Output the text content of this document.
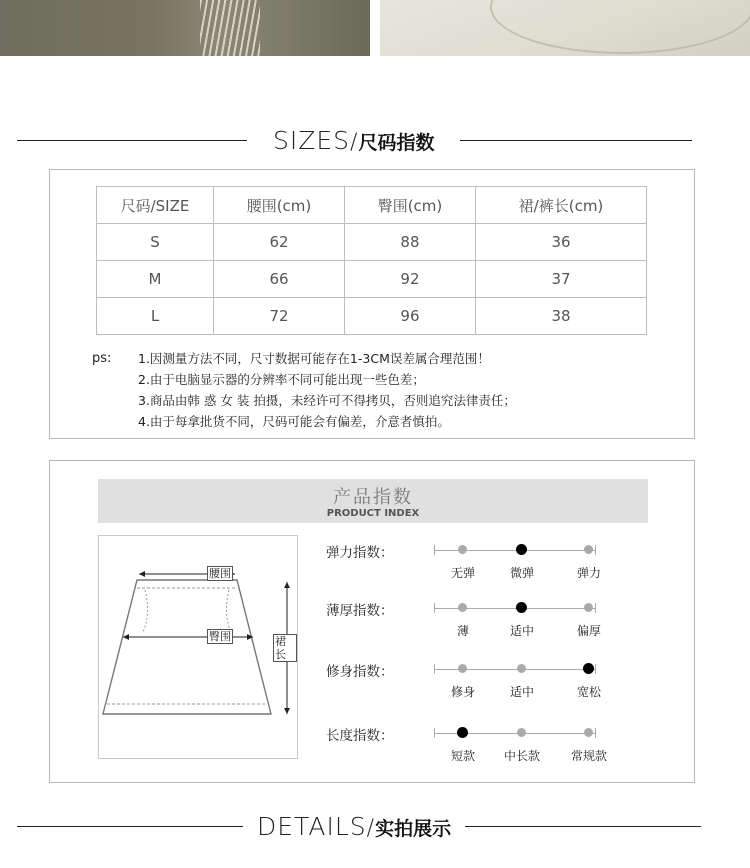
SIZES / 尺码指数
尺码/SIZE	腰围(cm)	臀围(cm)	裙/裤长(cm)
S	62	88	36
M	66	92	37
L	72	96	38
ps: 1.因测量方法不同，尺寸数据可能存在1-3CM误差属合理范围！
2.由于电脑显示器的分辨率不同可能出现一些色差；
3.商品由韩 惑 女 装 拍摄，未经许可不得拷贝，否则追究法律责任；
4.由于每拿批货不同，尺码可能会有偏差，介意者慎拍。
产品指数
PRODUCT INDEX
腰围
臀围	裙长
弹力指数：
无弹	微弹	弹力
薄厚指数：
薄	适中	偏厚
修身指数：
修身	适中	宽松
长度指数：
短款 中长款	常规款
DETAILS / 实拍展示
